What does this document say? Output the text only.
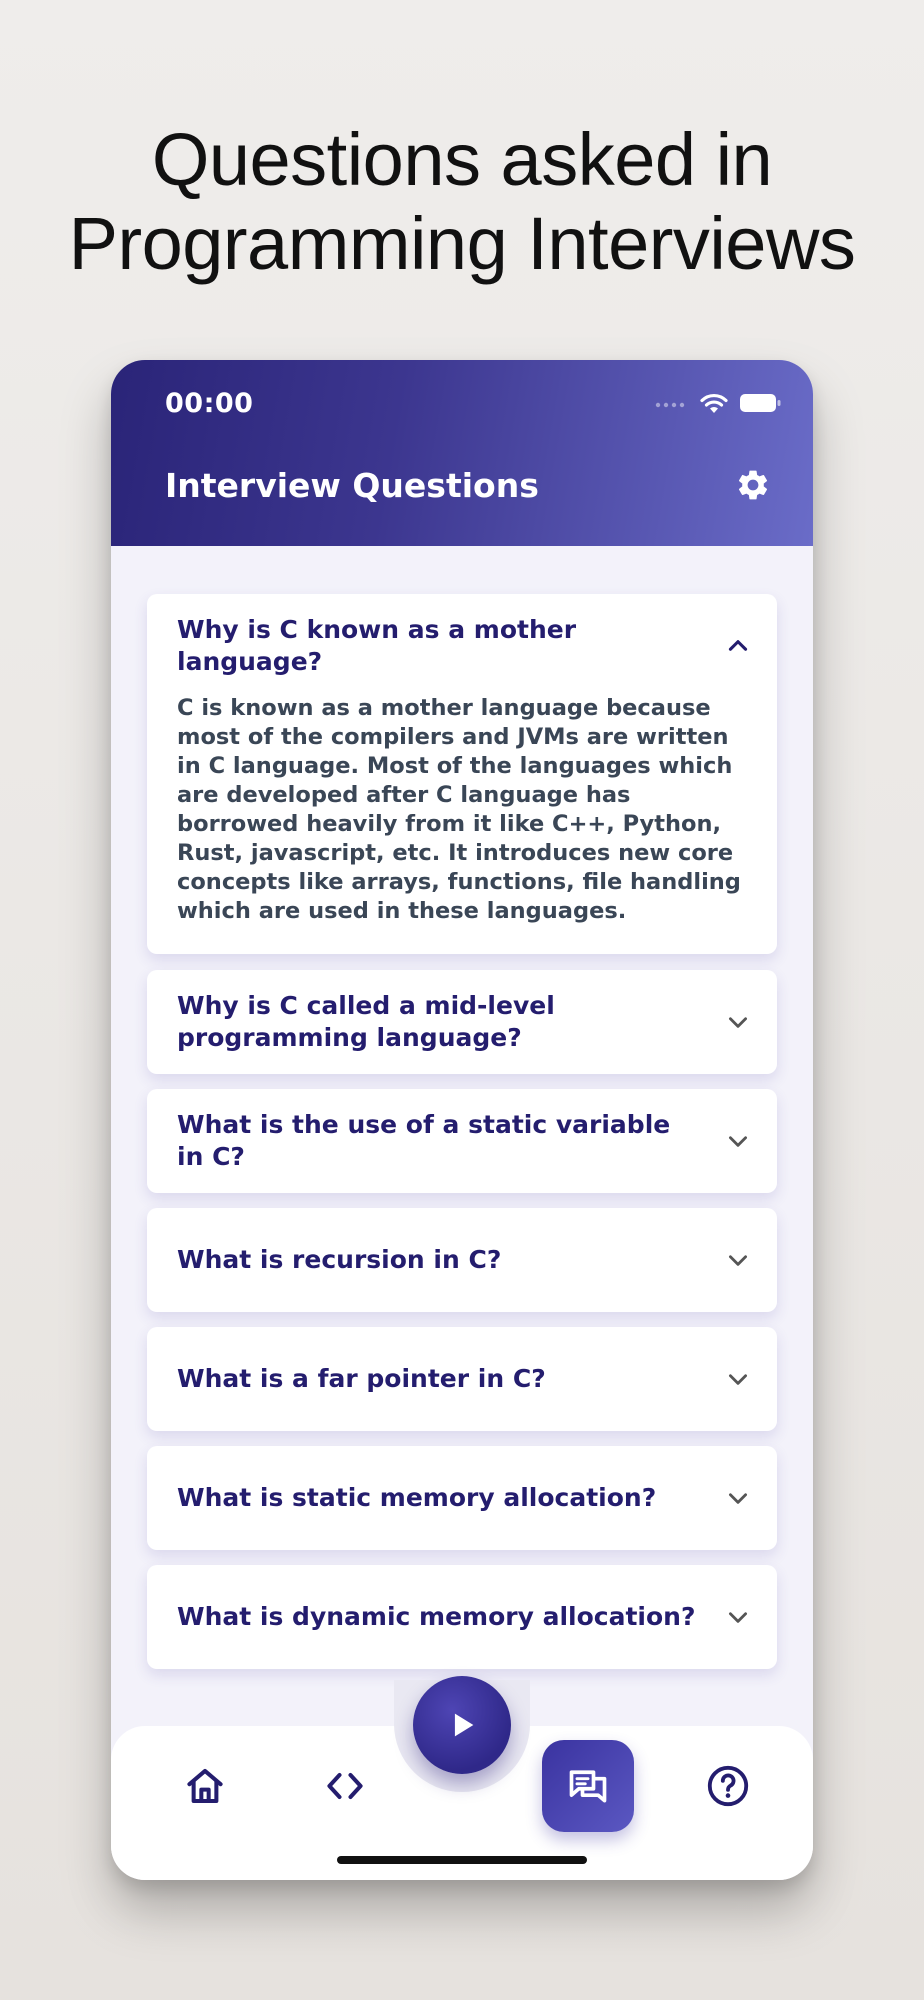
Questions asked in
Programming Interviews
00:00
Interview Questions
Why is C known as a mother language?
C is known as a mother language because most of the compilers and JVMs are written in C language. Most of the languages which are developed after C language has borrowed heavily from it like C++, Python, Rust, javascript, etc. It introduces new core concepts like arrays, functions, file handling which are used in these languages.
Why is C called a mid-level programming language?
What is the use of a static variable in C?
What is recursion in C?
What is a far pointer in C?
What is static memory allocation?
What is dynamic memory allocation?
